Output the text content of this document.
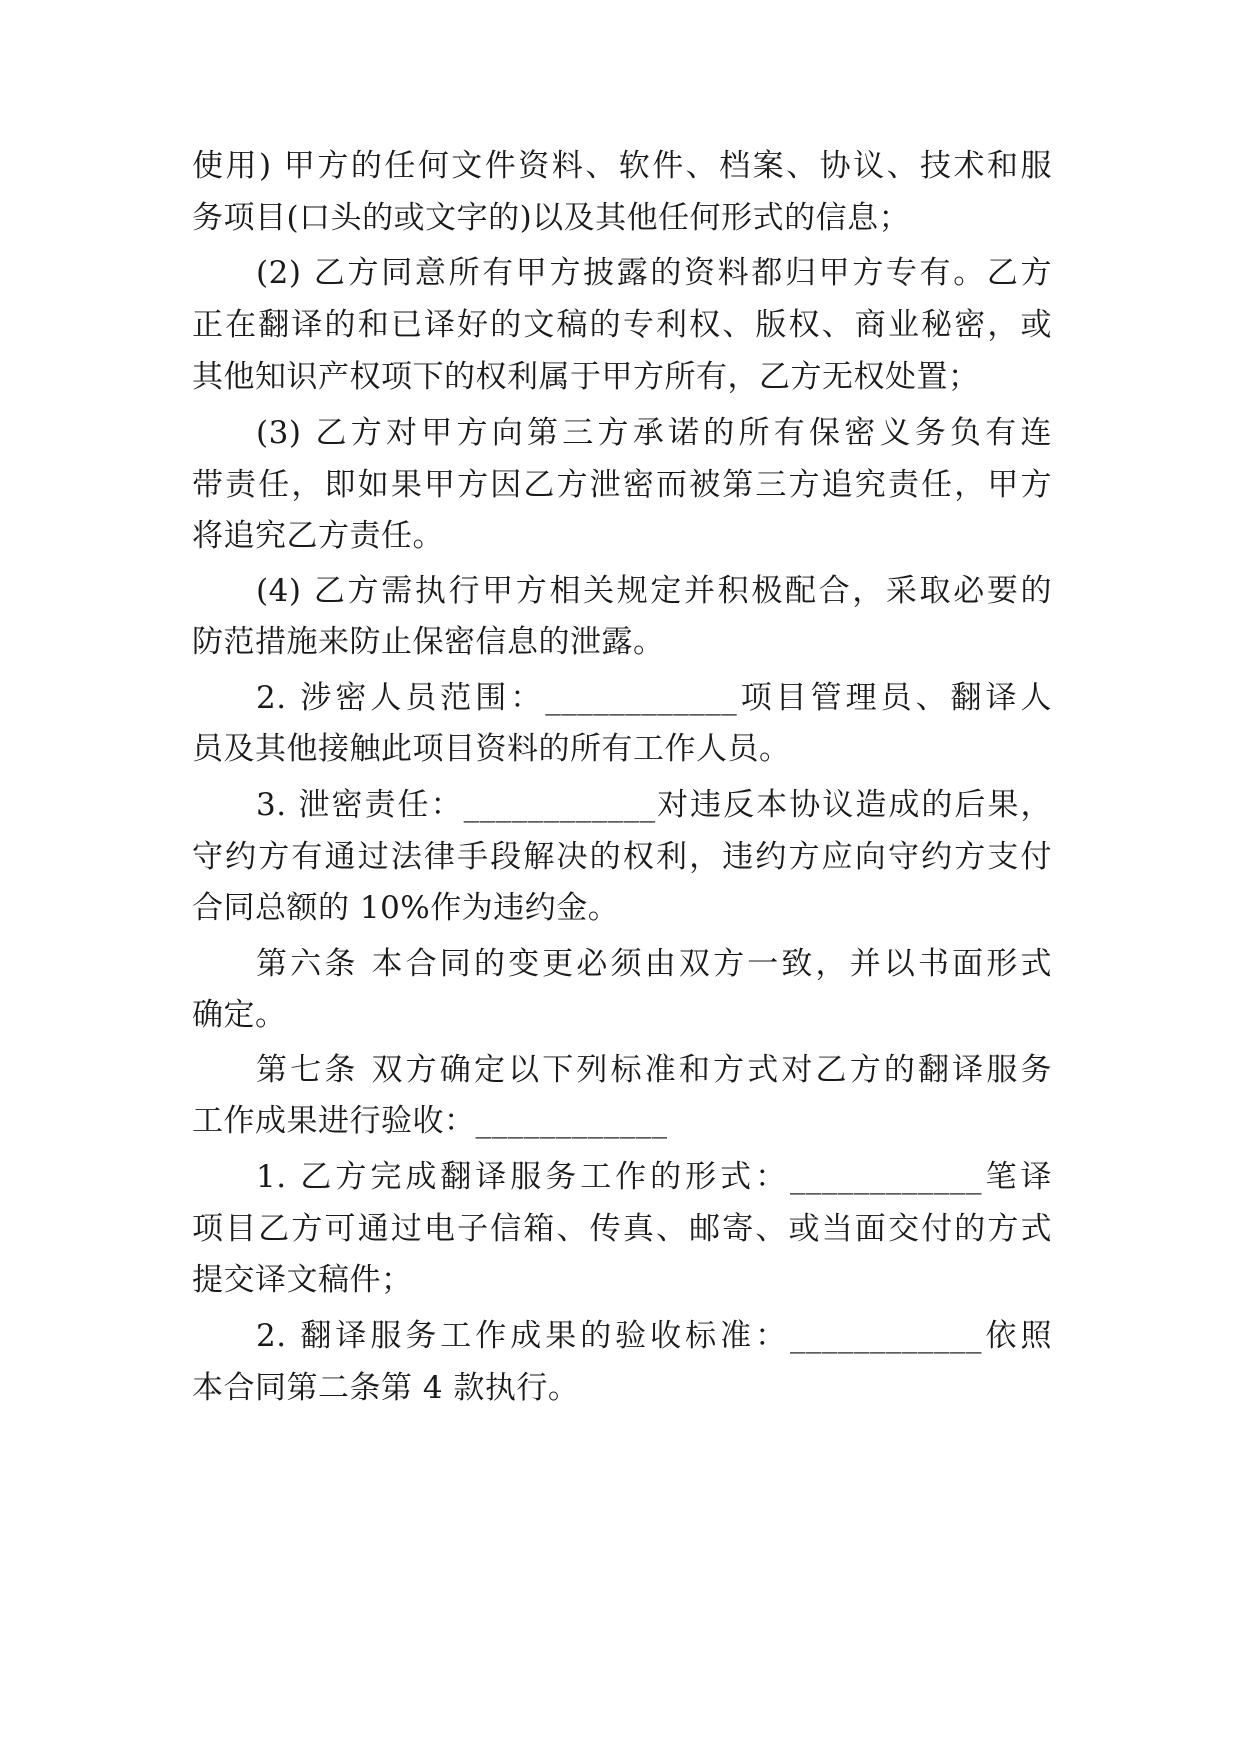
使用) 甲方的任何文件资料、软件、档案、协议、技术和服
务项目(口头的或文字的)以及其他任何形式的信息；
(2) 乙方同意所有甲方披露的资料都归甲方专有。乙方
正在翻译的和已译好的文稿的专利权、版权、商业秘密，或
其他知识产权项下的权利属于甲方所有，乙方无权处置；
(3) 乙方对甲方向第三方承诺的所有保密义务负有连
带责任，即如果甲方因乙方泄密而被第三方追究责任，甲方
将追究乙方责任。
(4) 乙方需执行甲方相关规定并积极配合，采取必要的
防范措施来防止保密信息的泄露。
2. 涉密人员范围：____________项目管理员、翻译人
员及其他接触此项目资料的所有工作人员。
3. 泄密责任：____________对违反本协议造成的后果，
守约方有通过法律手段解决的权利，违约方应向守约方支付
合同总额的 10%作为违约金。
第六条 本合同的变更必须由双方一致，并以书面形式
确定。
第七条 双方确定以下列标准和方式对乙方的翻译服务
工作成果进行验收：____________
1. 乙方完成翻译服务工作的形式：____________笔译
项目乙方可通过电子信箱、传真、邮寄、或当面交付的方式
提交译文稿件；
2. 翻译服务工作成果的验收标准：____________依照
本合同第二条第 4 款执行。
